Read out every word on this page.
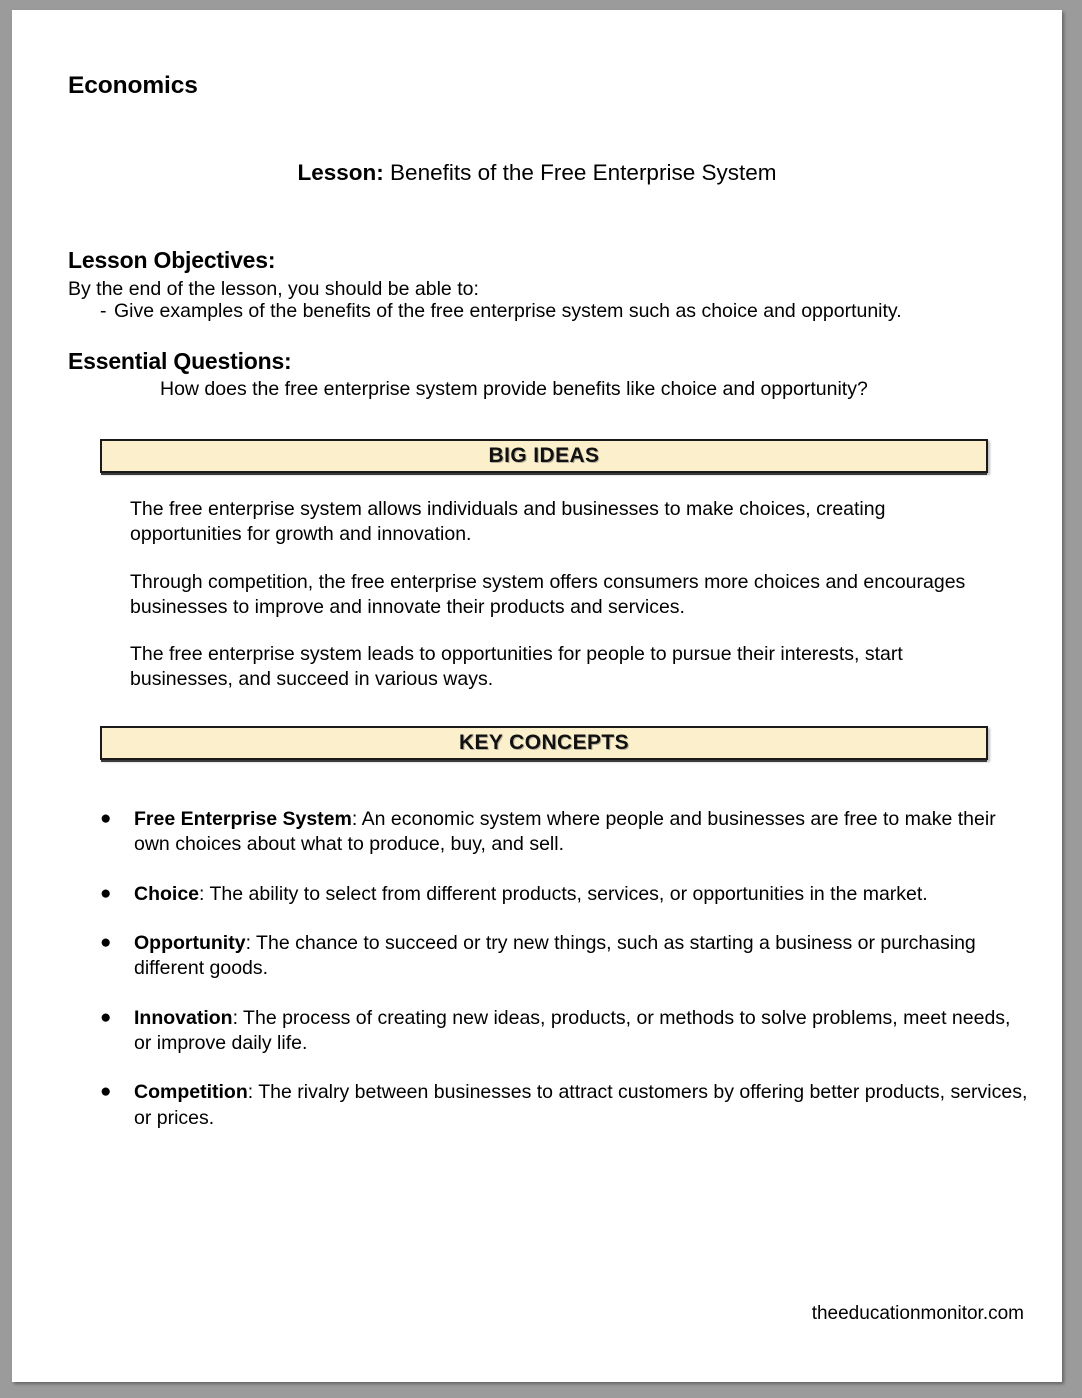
Economics
Lesson: Benefits of the Free Enterprise System
Lesson Objectives:
By the end of the lesson, you should be able to:
- Give examples of the benefits of the free enterprise system such as choice and opportunity.
Essential Questions:
How does the free enterprise system provide benefits like choice and opportunity?
BIG IDEAS
The free enterprise system allows individuals and businesses to make choices, creating opportunities for growth and innovation.
Through competition, the free enterprise system offers consumers more choices and encourages businesses to improve and innovate their products and services.
The free enterprise system leads to opportunities for people to pursue their interests, start businesses, and succeed in various ways.
KEY CONCEPTS
●	Free Enterprise System: An economic system where people and businesses are free to make their own choices about what to produce, buy, and sell.
●	Choice: The ability to select from different products, services, or opportunities in the market.
●	Opportunity: The chance to succeed or try new things, such as starting a business or purchasing different goods.
●	Innovation: The process of creating new ideas, products, or methods to solve problems, meet needs, or improve daily life.
●	Competition: The rivalry between businesses to attract customers by offering better products, services, or prices.
theeducationmonitor.com
